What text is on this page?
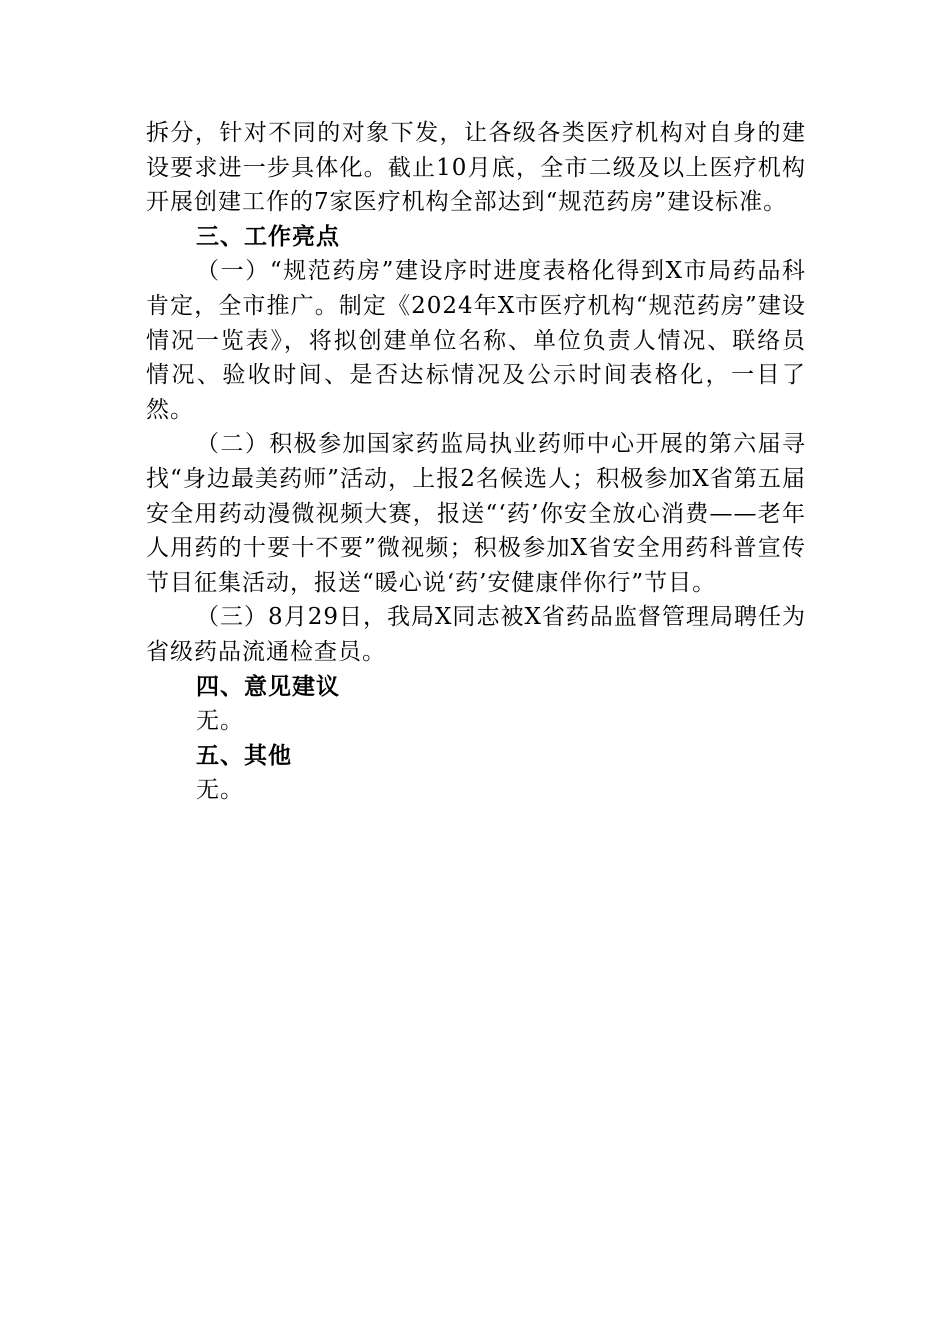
拆分，针对不同的对象下发，让各级各类医疗机构对自身的建设要求进一步具体化。截止10月底，全市二级及以上医疗机构开展创建工作的7家医疗机构全部达到“规范药房”建设标准。

三、工作亮点

（一）“规范药房”建设序时进度表格化得到X市局药品科肯定，全市推广。制定《2024年X市医疗机构“规范药房”建设情况一览表》，将拟创建单位名称、单位负责人情况、联络员情况、验收时间、是否达标情况及公示时间表格化，一目了然。

（二）积极参加国家药监局执业药师中心开展的第六届寻找“身边最美药师”活动，上报2名候选人；积极参加X省第五届安全用药动漫微视频大赛，报送“‘药’你安全放心消费——老年人用药的十要十不要”微视频；积极参加X省安全用药科普宣传节目征集活动，报送“暖心说‘药’安健康伴你行”节目。

（三）8月29日，我局X同志被X省药品监督管理局聘任为省级药品流通检查员。

四、意见建议

无。

五、其他

无。
